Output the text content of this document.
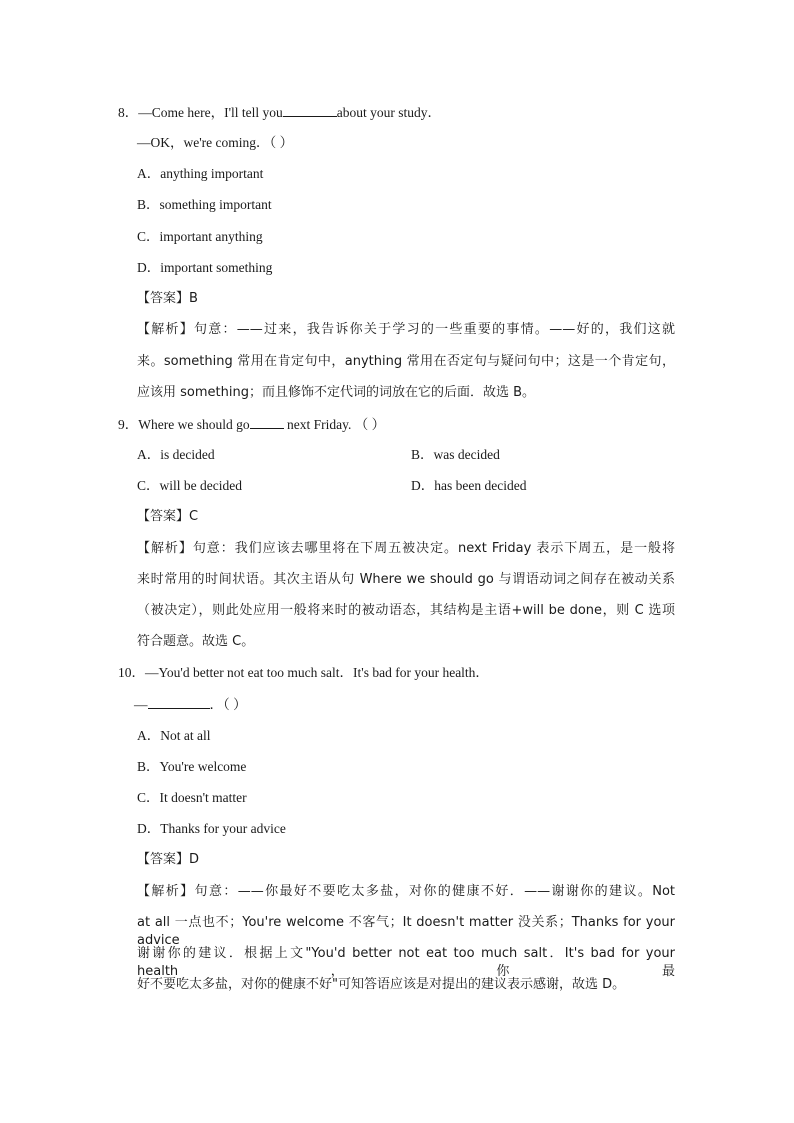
8．—Come here，I'll tell you	about your study．
—OK，we're coming．（ ）
A．anything important
B．something important
C．important anything
D．important something
【答案】B
【解析】句意：——过来，我告诉你关于学习的一些重要的事情。——好的，我们这就
来。something 常用在肯定句中，anything 常用在否定句与疑问句中；这是一个肯定句，
应该用 something；而且修饰不定代词的词放在它的后面．故选 B。
9．Where we should go	next Friday. （ ）
A．is decided	B．was decided
C．will be decided	D．has been decided
【答案】C
【解析】句意：我们应该去哪里将在下周五被决定。next Friday 表示下周五，是一般将
来时常用的时间状语。其次主语从句 Where we should go 与谓语动词之间存在被动关系
（被决定），则此处应用一般将来时的被动语态，其结构是主语+will be done，则 C 选项
符合题意。故选 C。
10．—You'd better not eat too much salt．It's bad for your health．
—	．（ ）
A．Not at all
B．You're welcome
C．It doesn't matter
D．Thanks for your advice
【答案】D
【解析】句意：——你最好不要吃太多盐，对你的健康不好．——谢谢你的建议。Not
at all 一点也不；You're welcome 不客气；It doesn't matter 没关系；Thanks for your advice
谢谢你的建议．根据上文"You'd better not eat too much salt．It's bad for your health，你最
好不要吃太多盐，对你的健康不好"可知答语应该是对提出的建议表示感谢，故选 D。
